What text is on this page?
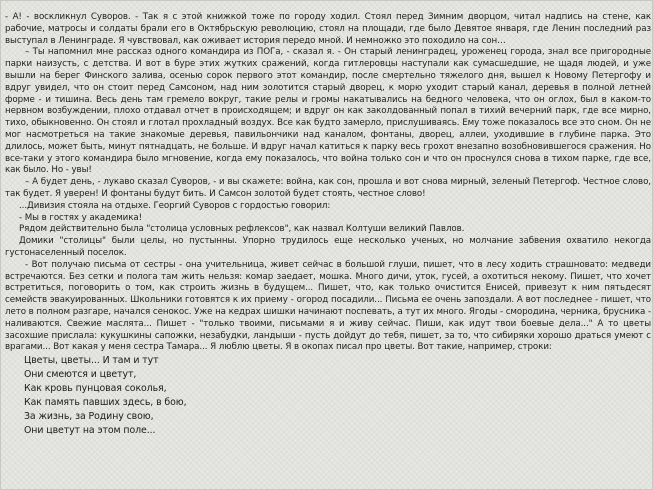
- А! - воскликнул Суворов. - Так я с этой книжкой тоже по городу ходил. Стоял перед Зимним дворцом, читал надпись на стене, как рабочие, матросы и солдаты брали его в Октябрьскую революцию, стоял на площади, где было Девятое января, где Ленин последний раз выступал в Ленинграде. Я чувствовал, как оживает история передо мной. И немножко это походило на сон…

– Ты напомнил мне рассказ одного командира из ПОГа, - сказал я. - Он старый ленинградец, уроженец города, знал все пригородные парки наизусть, с детства. И вот в буре этих жутких сражений, когда гитлеровцы наступали как сумасшедшие, не щадя людей, и уже вышли на берег Финского залива, осенью сорок первого этот командир, после смертельно тяжелого дня, вышел к Новому Петергофу и вдруг увидел, что он стоит перед Самсоном, над ним золотится старый дворец, к морю уходит старый канал, деревья в полной летней форме - и тишина. Весь день там гремело вокруг, такие релы и громы накатывались на бедного человека, что он оглох, был в каком-то нервном возбуждении, плохо отдавал отчет в происходящем; и вдруг он как заколдованный попал в тихий вечерний парк, где все мирно, тихо, обыкновенно. Он стоял и глотал прохладный воздух. Все как будто замерло, прислушиваясь. Ему тоже показалось все это сном. Он не мог насмотреться на такие знакомые деревья, павильончики над каналом, фонтаны, дворец, аллеи, уходившие в глубине парка. Это длилось, может быть, минут пятнадцать, не больше. И вдруг начал катиться к парку весь грохот внезапно возобновившегося сражения. Но все-таки у этого командира было мгновение, когда ему показалось, что война только сон и что он проснулся снова в тихом парке, где все, как было. Но - увы!

– А будет день, - лукаво сказал Суворов, - и вы скажете: война, как сон, прошла и вот снова мирный, зеленый Петергоф. Честное слово, так будет. Я уверен! И фонтаны будут бить. И Самсон золотой будет стоять, честное слово!

...Дивизия стояла на отдыхе. Георгий Суворов с гордостью говорил:

- Мы в гостях у академика!

Рядом действительно была "столица условных рефлексов", как назвал Колтуши великий Павлов.

Домики "столицы" были целы, но пустынны. Упорно трудилось еще несколько ученых, но молчание забвения охватило некогда густонаселенный поселок.

- Вот получаю письма от сестры - она учительница, живет сейчас в большой глуши, пишет, что в лесу ходить страшновато: медведи встречаются. Без сетки и пологa там жить нельзя: комар заедает, мошка. Много дичи, уток, гусей, а охотиться некому. Пишет, что хочет встретиться, поговорить о том, как строить жизнь в будущем... Пишет, что, как только очистится Енисей, привезут к ним пятьдесят семейств эвакуированных. Школьники готовятся к их приему - огород посадили... Письма ее очень запоздали. А вот последнее - пишет, что лето в полном разгаре, начался сенокос. Уже на кедрах шишки начинают поспевать, а тут их много. Ягоды - смородина, черника, брусника - наливаются. Свежие маслята... Пишет - "только твоими, письмами я и живу сейчас. Пиши, как идут твои боевые дела..." А то цветы засохшие прислала: кукушкины сапожки, незабудки, ландыши - пусть дойдут до тебя, пишет, за то, что сибиряки хорошо драться умеют с врагами... Вот какая у меня сестра Тамара... Я люблю цветы. Я в окопах писал про цветы. Вот такие, например, строки:

Цветы, цветы... И там и тут
Они смеются и цветут,
Как кровь пунцовая соколья,
Как память павших здесь, в бою,
За жизнь, за Родину свою,
Они цветут на этом поле...
